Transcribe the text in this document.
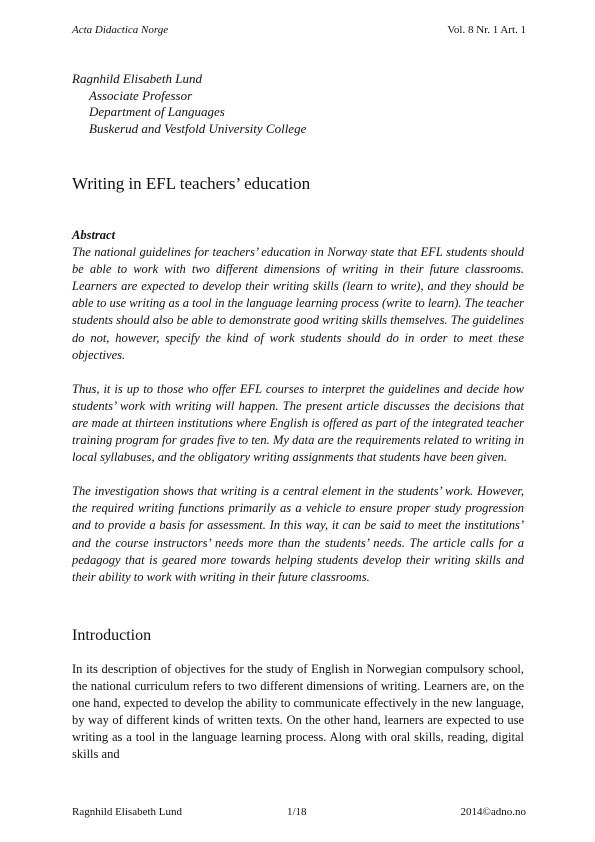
Acta Didactica Norge	Vol. 8 Nr. 1 Art. 1
Ragnhild Elisabeth Lund
Associate Professor
Department of Languages
Buskerud and Vestfold University College
Writing in EFL teachers’ education

Abstract

The national guidelines for teachers’ education in Norway state that EFL students should be able to work with two different dimensions of writing in their future classrooms. Learners are expected to develop their writing skills (learn to write), and they should be able to use writing as a tool in the language learning process (write to learn). The teacher students should also be able to demonstrate good writing skills themselves. The guidelines do not, however, specify the kind of work students should do in order to meet these objectives.

Thus, it is up to those who offer EFL courses to interpret the guidelines and decide how students’ work with writing will happen. The present article discusses the decisions that are made at thirteen institutions where English is offered as part of the integrated teacher training program for grades five to ten. My data are the requirements related to writing in local syllabuses, and the obligatory writing assignments that students have been given.

The investigation shows that writing is a central element in the students’ work. However, the required writing functions primarily as a vehicle to ensure proper study progression and to provide a basis for assessment. In this way, it can be said to meet the institutions’ and the course instructors’ needs more than the students’ needs. The article calls for a pedagogy that is geared more towards helping students develop their writing skills and their ability to work with writing in their future classrooms.

Introduction

In its description of objectives for the study of English in Norwegian compulsory school, the national curriculum refers to two different dimensions of writing. Learners are, on the one hand, expected to develop the ability to communicate effectively in the new language, by way of different kinds of written texts. On the other hand, learners are expected to use writing as a tool in the language learning process. Along with oral skills, reading, digital skills and

Ragnhild Elisabeth Lund	1/18	2014©adno.no
